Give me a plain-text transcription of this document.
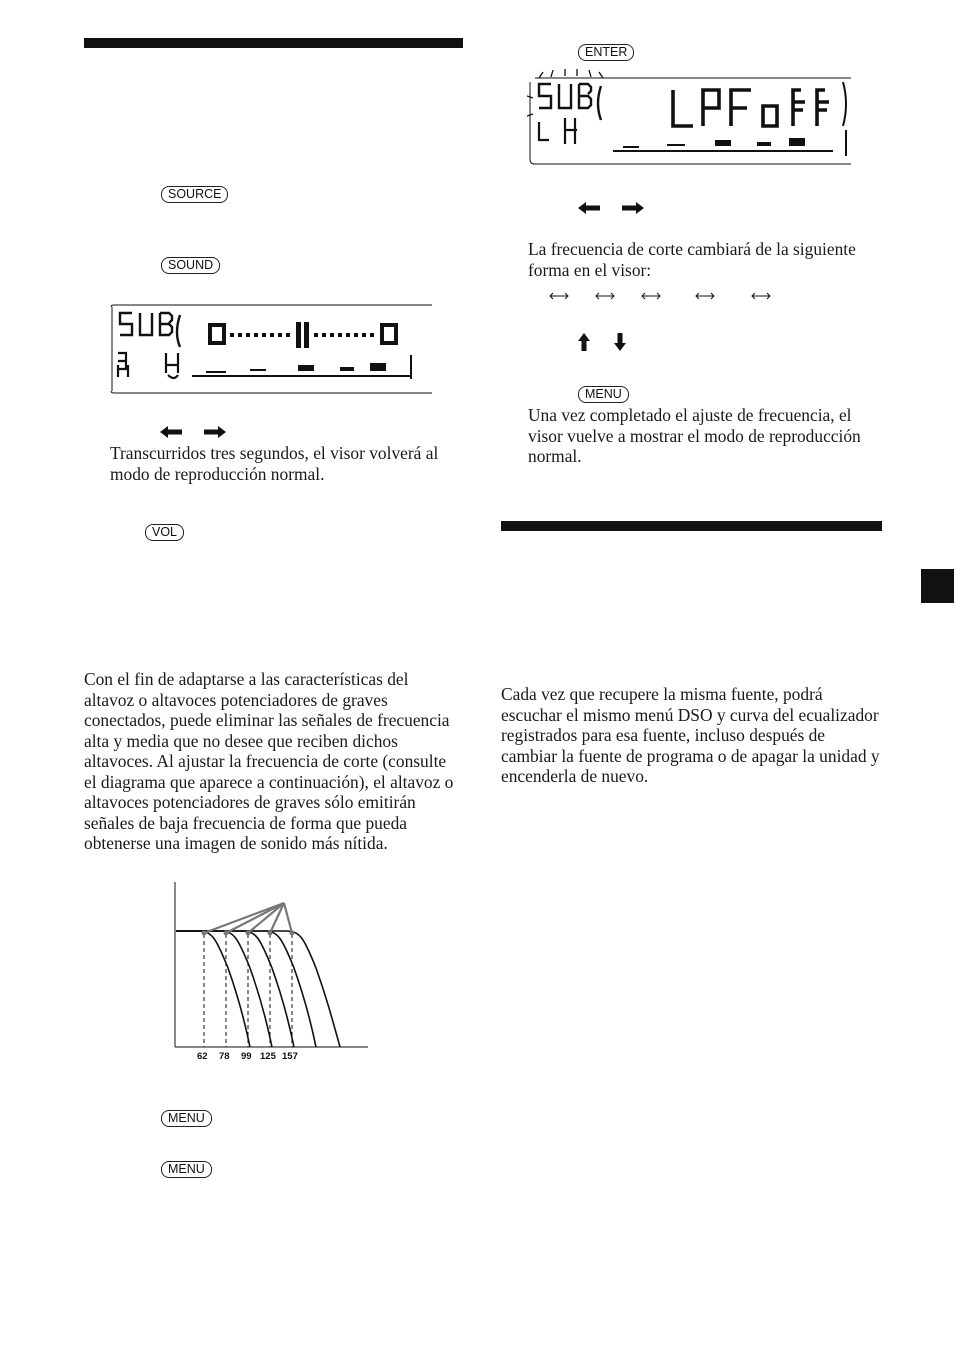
SOURCE
SOUND

Transcurridos tres segundos, el visor volverá al modo de reproducción normal.

VOL

Con el fin de adaptarse a las características del altavoz o altavoces potenciadores de graves conectados, puede eliminar las señales de frecuencia alta y media que no desee que reciben dichos altavoces. Al ajustar la frecuencia de corte (consulte el diagrama que aparece a continuación), el altavoz o altavoces potenciadores de graves sólo emitirán señales de baja frecuencia de forma que pueda obtenerse una imagen de sonido más nítida.

62 78 99 125 157
MENU
MENU
ENTER

La frecuencia de corte cambiará de la siguiente forma en el visor:

MENU

Una vez completado el ajuste de frecuencia, el visor vuelve a mostrar el modo de reproducción normal.

Cada vez que recupere la misma fuente, podrá escuchar el mismo menú DSO y curva del ecualizador registrados para esa fuente, incluso después de cambiar la fuente de programa o de apagar la unidad y encenderla de nuevo.
